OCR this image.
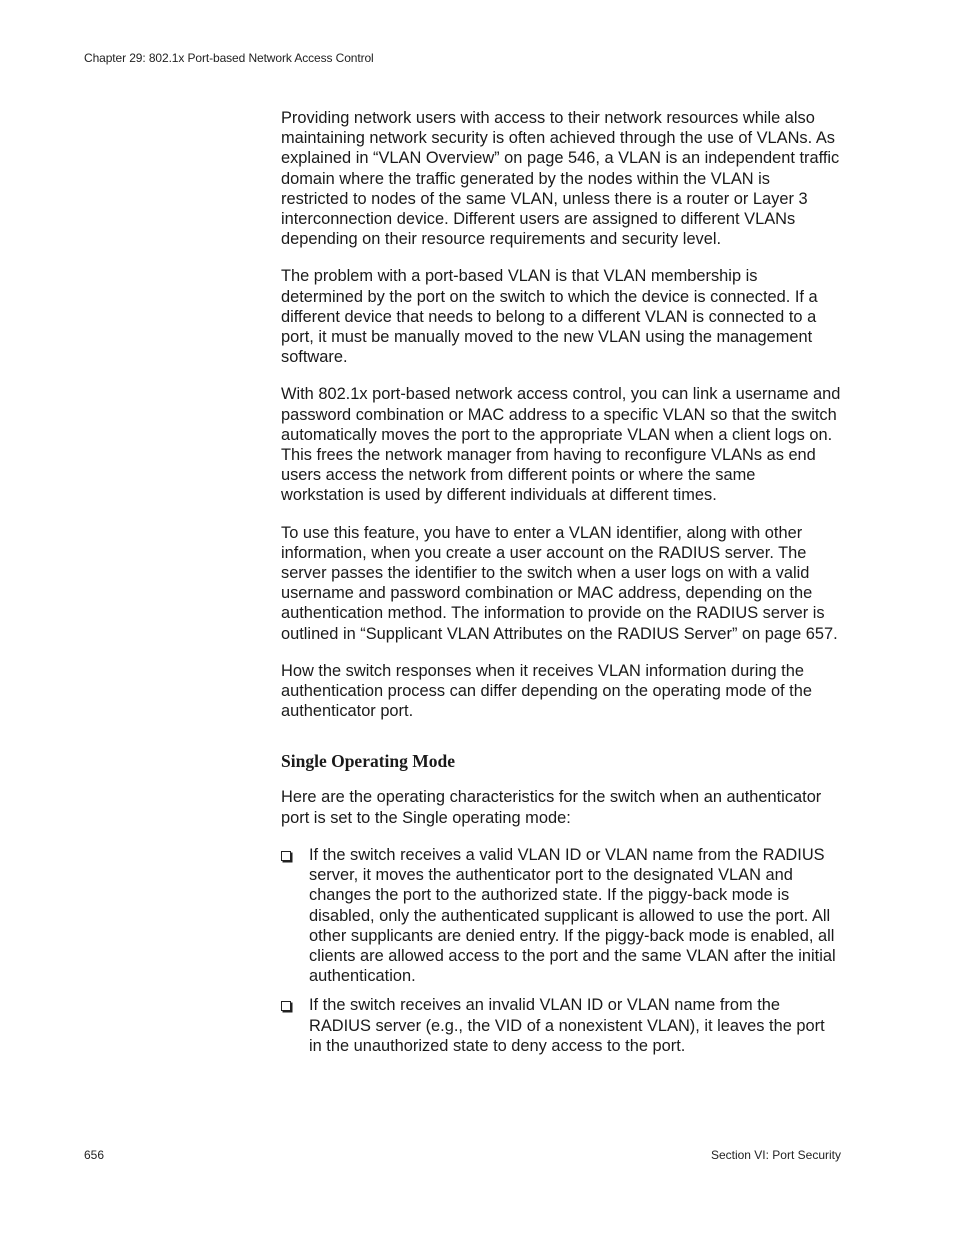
Chapter 29: 802.1x Port-based Network Access Control

Providing network users with access to their network resources while also maintaining network security is often achieved through the use of VLANs. As explained in “VLAN Overview” on page 546, a VLAN is an independent traffic domain where the traffic generated by the nodes within the VLAN is restricted to nodes of the same VLAN, unless there is a router or Layer 3 interconnection device. Different users are assigned to different VLANs depending on their resource requirements and security level.

The problem with a port-based VLAN is that VLAN membership is determined by the port on the switch to which the device is connected. If a different device that needs to belong to a different VLAN is connected to a port, it must be manually moved to the new VLAN using the management software.

With 802.1x port-based network access control, you can link a username and password combination or MAC address to a specific VLAN so that the switch automatically moves the port to the appropriate VLAN when a client logs on. This frees the network manager from having to reconfigure VLANs as end users access the network from different points or where the same workstation is used by different individuals at different times.

To use this feature, you have to enter a VLAN identifier, along with other information, when you create a user account on the RADIUS server. The server passes the identifier to the switch when a user logs on with a valid username and password combination or MAC address, depending on the authentication method. The information to provide on the RADIUS server is outlined in “Supplicant VLAN Attributes on the RADIUS Server” on page 657.

How the switch responses when it receives VLAN information during the authentication process can differ depending on the operating mode of the authenticator port.

Single Operating Mode

Here are the operating characteristics for the switch when an authenticator port is set to the Single operating mode:

If the switch receives a valid VLAN ID or VLAN name from the RADIUS server, it moves the authenticator port to the designated VLAN and changes the port to the authorized state. If the piggy-back mode is disabled, only the authenticated supplicant is allowed to use the port. All other supplicants are denied entry. If the piggy-back mode is enabled, all clients are allowed access to the port and the same VLAN after the initial authentication.
If the switch receives an invalid VLAN ID or VLAN name from the RADIUS server (e.g., the VID of a nonexistent VLAN), it leaves the port in the unauthorized state to deny access to the port.
656	Section VI: Port Security
